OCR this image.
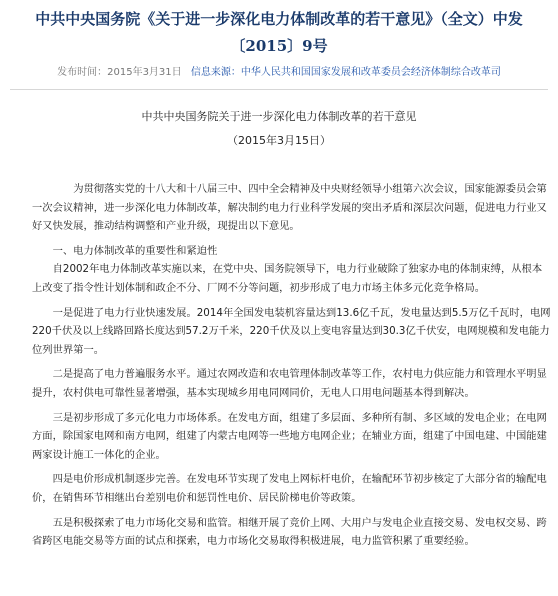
中共中央国务院《关于进一步深化电力体制改革的若干意见》（全文）中发〔2015〕9号
发布时间：2015年3月31日 信息来源：中华人民共和国国家发展和改革委员会经济体制综合改革司
中共中央国务院关于进一步深化电力体制改革的若干意见
（2015年3月15日）

为贯彻落实党的十八大和十八届三中、四中全会精神及中央财经领导小组第六次会议，国家能源委员会第一次会议精神，进一步深化电力体制改革，解决制约电力行业科学发展的突出矛盾和深层次问题，促进电力行业又好又快发展，推动结构调整和产业升级，现提出以下意见。

一、电力体制改革的重要性和紧迫性

自2002年电力体制改革实施以来，在党中央、国务院领导下，电力行业破除了独家办电的体制束缚，从根本上改变了指令性计划体制和政企不分、厂网不分等问题，初步形成了电力市场主体多元化竞争格局。

一是促进了电力行业快速发展。2014年全国发电装机容量达到13.6亿千瓦，发电量达到5.5万亿千瓦时，电网220千伏及以上线路回路长度达到57.2万千米，220千伏及以上变电容量达到30.3亿千伏安，电网规模和发电能力位列世界第一。

二是提高了电力普遍服务水平。通过农网改造和农电管理体制改革等工作，农村电力供应能力和管理水平明显提升，农村供电可靠性显著增强，基本实现城乡用电同网同价，无电人口用电问题基本得到解决。

三是初步形成了多元化电力市场体系。在发电方面，组建了多层面、多种所有制、多区域的发电企业；在电网方面，除国家电网和南方电网，组建了内蒙古电网等一些地方电网企业；在辅业方面，组建了中国电建、中国能建两家设计施工一体化的企业。

四是电价形成机制逐步完善。在发电环节实现了发电上网标杆电价，在输配环节初步核定了大部分省的输配电价，在销售环节相继出台差别电价和惩罚性电价、居民阶梯电价等政策。

五是积极探索了电力市场化交易和监管。相继开展了竞价上网、大用户与发电企业直接交易、发电权交易、跨省跨区电能交易等方面的试点和探索，电力市场化交易取得积极进展，电力监管积累了重要经验。
